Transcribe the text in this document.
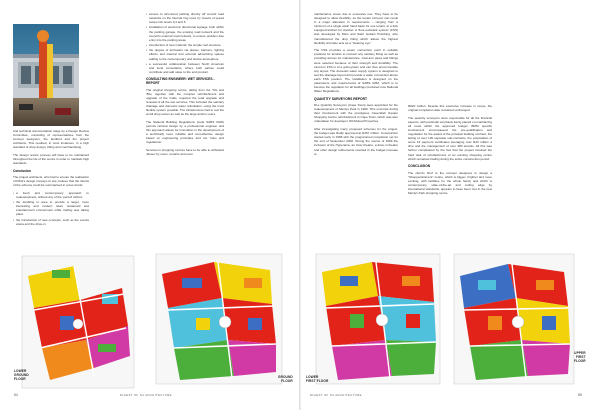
and technical documentation stage by a Design Review Committee, consisting of representatives from the concept designers, the landlord and the project architects. This resulted, in most instances, in a high standard of shop design, fitting and merchandising.

The design review process will have to be maintained throughout the life of the centre in order to maintain high standards.

Conclusion

The project architects, who had to ensure the realisation of DDG's design concept on site, believe that the intents of the scheme could be summarised in a few words:

• a fresh and contemporary approach to redevelopment, without any of the 'period' clichés
• the doubling in area to provide a larger, more interesting and modern retail, restaurant and entertainment environment while trading was taking place
• the introduction of new concepts, such as the events arena and the drive-in
• access to structured parking directly off council road networks on the internal ring road, by means of speed ramps into levels 3,4 and 5
• installation of electronic directional signage, both within the parking garage, the existing road network and the council's external road network, to ensure problem-free entry into the parking areas
• introduction of new material: the simple roof structure
• the degree of animation via planes, banners, lighting effects and internal and external advertising spaces adding to the contemporary and festive atmosphere
• a successful collaboration between North American and local consultants, where both parties could contribute and add value to the end product.
CONSULTING ENGINEER: WET SERVICES - REPORT

The original shopping centre, dating from the '70s and '80s, together with the complex refurbishment and upgrade of the malls, required the total upgrade and renewal of all the wet services. This included the sanitary drainage and domestic water reticulation, using the most flexible system possible. The infrastructure had to suit the small shop owner as well as the large anchor users.

The National Building Regulations (code SABS 0400) permits rational design by a professional engineer and this approach allows for innovation in the development of a technically more suitable and cost-effective design based on engineering principles and not 'rules and regulations'.

Services in shopping centres have to be able to withstand 'abuse' by users, tenants and even

LOWER
GROUND
FLOOR	GROUND
FLOOR
84	DIGEST OF SA ARCHITECTURE

maintenance crews due to excessive use. They have to be designed to allow flexibility, as the tenant turnover can result in a major alteration in requirements – ranging from a minimum of a single wash hand basin for one tenant, to a fully equipped kitchen for another. A 'floor-substack system' (FSS) was developed by DGG and Saint Gobain Plumbing, who manufactured the drop fitting which allows the highest flexibility and also acts as a "cleaning eye".

The FSS provides a sewer connection point in suitable positions for tenants to connect any sanitary fitting as well as providing access for maintenance. Cast-iron pipes and fittings were selected because of their strength and durability. The cast-iron FSS is of a grid-system and can thus accommodate any layout. The domestic water supply system is designed to suit the drainage layout and provide a water connection above each FSS position. The installation is designed on the parameters and requirements of SABS 0252, which is to become the regulation for all buildings produced now National Water Regulations.

QUANTITY SURVEYORS REPORT

DLL Quantity Surveyors (Cape Town) were appointed for the redevelopment of Menlyn Park in 1996. This occurred during their involvement with the prestigious Cavendish Square Shopping Centre refurbishment in Cape Town, which was also undertaken for developer Old Mutual Properties.

After investigating many proposed schemes for the project, the budget was finally approved at R457 million. Construction started early in 1998 with the programmed completion set for the end of September 2000. During the course of 1999 the inclusion of the Hyperama, an Imax theatre, a drive-in theatre and other design refinements resulted in the budget increase to

R820 million. Despite this extensive increase in scope, the original completion date remained unchanged.

The quantity surveyors were responsible for all the financial aspects, with particular emphasis being placed on maintaining all costs within the approved budget. BMSI specific involvement encompassed the pre-qualification and negotiation for the award of the principal building contract, the letting of over 130 separate sub-contracts, the preparation of some 19 payment certificates averaging over R23 million a time and the management of over 380 tenants. All this was further complicated by the fact that the project involved the hard task of refurbishment of an existing shopping centre which remained trading during the entire construction period.

CONCLUSION

The client's brief to the concept designers to design a "Shoppertainment" centre, which is bigger, brighter and more exciting, with facilities for the whole family and which is contemporary, state-of-the-art and cutting edge by international standards, appears to have been met in the new Menlyn Park shopping centre.

LOWER
FIRST FLOOR
UPPER
FIRST
FLOOR
DIGEST OF SA ARCHITECTURE	85
